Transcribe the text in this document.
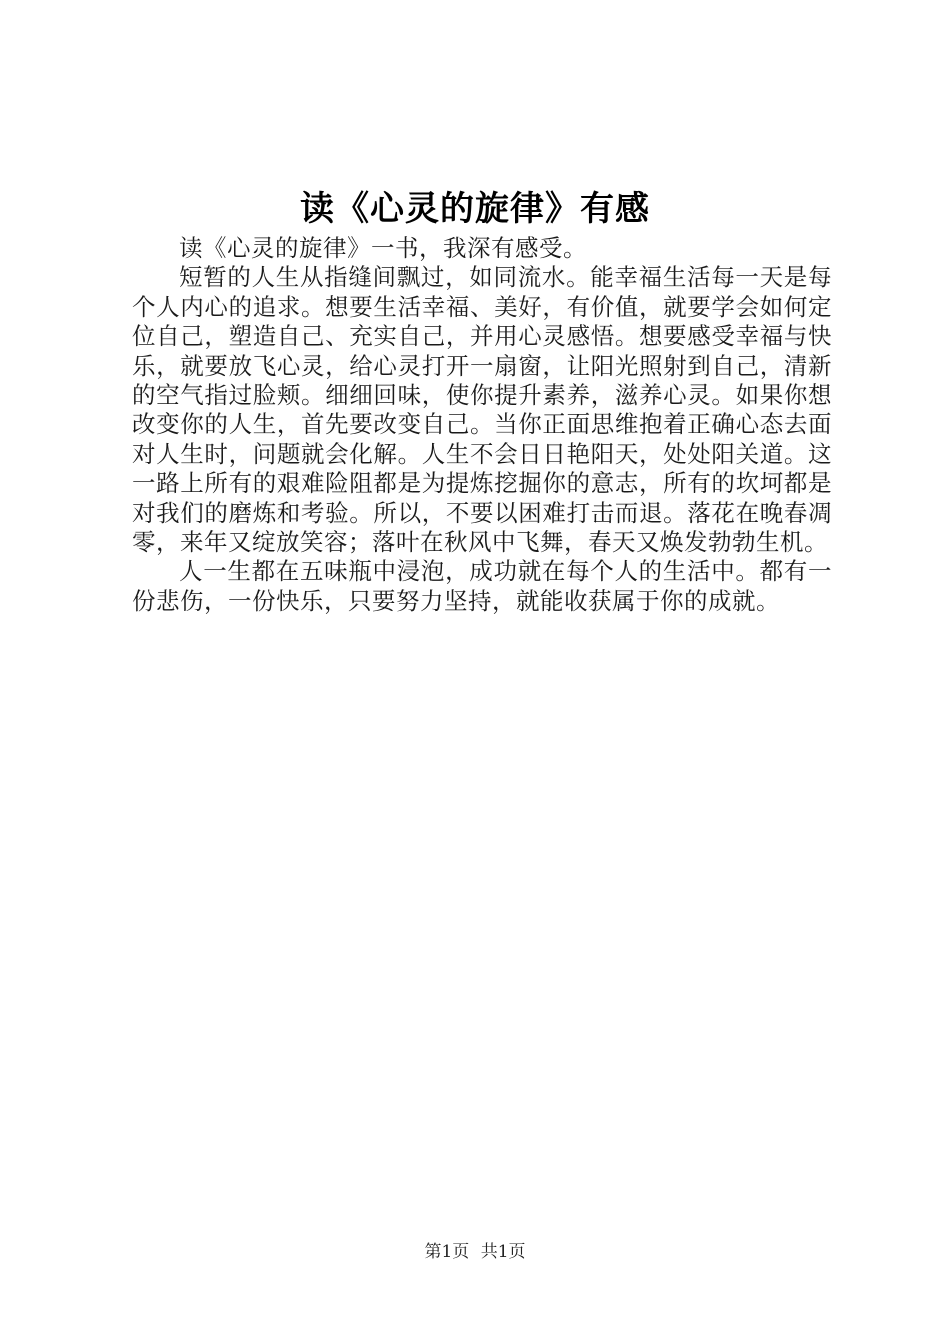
读《心灵的旋律》有感

读《心灵的旋律》一书，我深有感受。

短暂的人生从指缝间飘过，如同流水。能幸福生活每一天是每个人内心的追求。想要生活幸福、美好，有价值，就要学会如何定位自己，塑造自己、充实自己，并用心灵感悟。想要感受幸福与快乐，就要放飞心灵，给心灵打开一扇窗，让阳光照射到自己，清新的空气指过脸颊。细细回味，使你提升素养，滋养心灵。如果你想改变你的人生，首先要改变自己。当你正面思维抱着正确心态去面对人生时，问题就会化解。人生不会日日艳阳天，处处阳关道。这一路上所有的艰难险阻都是为提炼挖掘你的意志，所有的坎坷都是对我们的磨炼和考验。所以，不要以困难打击而退。落花在晚春凋零，来年又绽放笑容；落叶在秋风中飞舞，春天又焕发勃勃生机。

人一生都在五味瓶中浸泡，成功就在每个人的生活中。都有一份悲伤，一份快乐，只要努力坚持，就能收获属于你的成就。

第1页 共1页
